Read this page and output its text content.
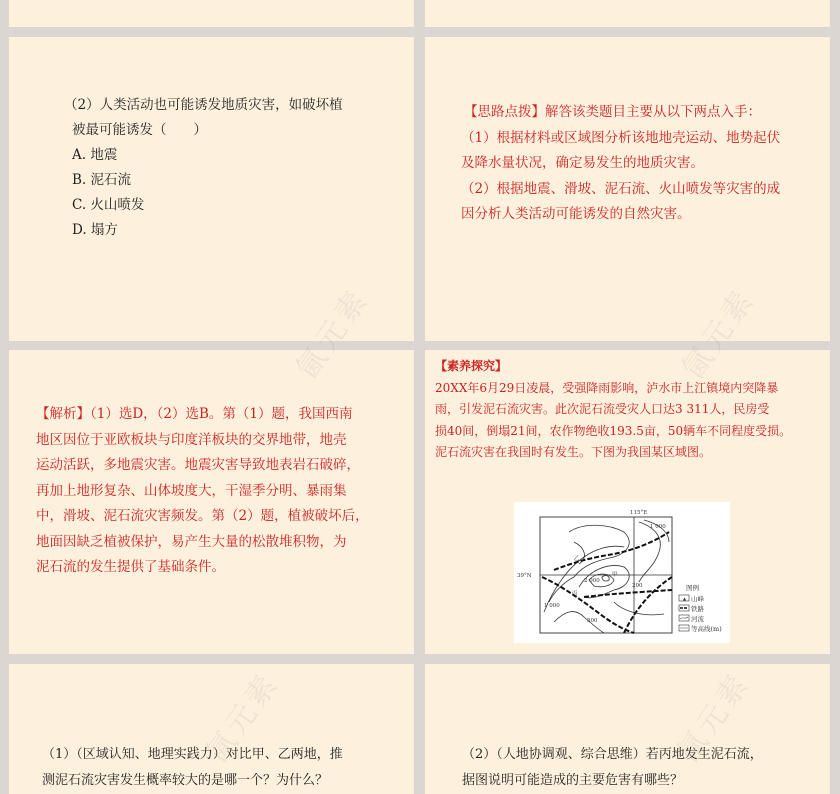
（2）人类活动也可能诱发地质灾害，如破坏植
被最可能诱发（　　）
A. 地震
B. 泥石流
C. 火山喷发
D. 塌方
【思路点拨】解答该类题目主要从以下两点入手：
（1）根据材料或区域图分析该地地壳运动、地势起伏
及降水量状况，确定易发生的地质灾害。
（2）根据地震、滑坡、泥石流、火山喷发等灾害的成
因分析人类活动可能诱发的自然灾害。
【解析】（1）选D，（2）选B。第（1）题，我国西南
地区因位于亚欧板块与印度洋板块的交界地带，地壳
运动活跃，多地震灾害。地震灾害导致地表岩石破碎，
再加上地形复杂、山体坡度大，干湿季分明、暴雨集
中，滑坡、泥石流灾害频发。第（2）题，植被破坏后，
地面因缺乏植被保护，易产生大量的松散堆积物，为
泥石流的发生提供了基础条件。
【素养探究】
20XX年6月29日凌晨，受强降雨影响，泸水市上江镇境内突降暴
雨，引发泥石流灾害。此次泥石流受灾人口达3 311人，民房受
损40间，倒塌21间，农作物绝收193.5亩，50辆车不同程度受损。
泥石流灾害在我国时有发生。下图为我国某区域图。
115°E
39°N
乙
甲
丙
1 000
2 000
200
1 000
500
图例
▲ 山峰
铁路
河流
等高线(m)
（1）（区域认知、地理实践力）对比甲、乙两地，推
测泥石流灾害发生概率较大的是哪一个？为什么？
氤元素	（2）（人地协调观、综合思维）若丙地发生泥石流，
据图说明可能造成的主要危害有哪些？
氤元素
